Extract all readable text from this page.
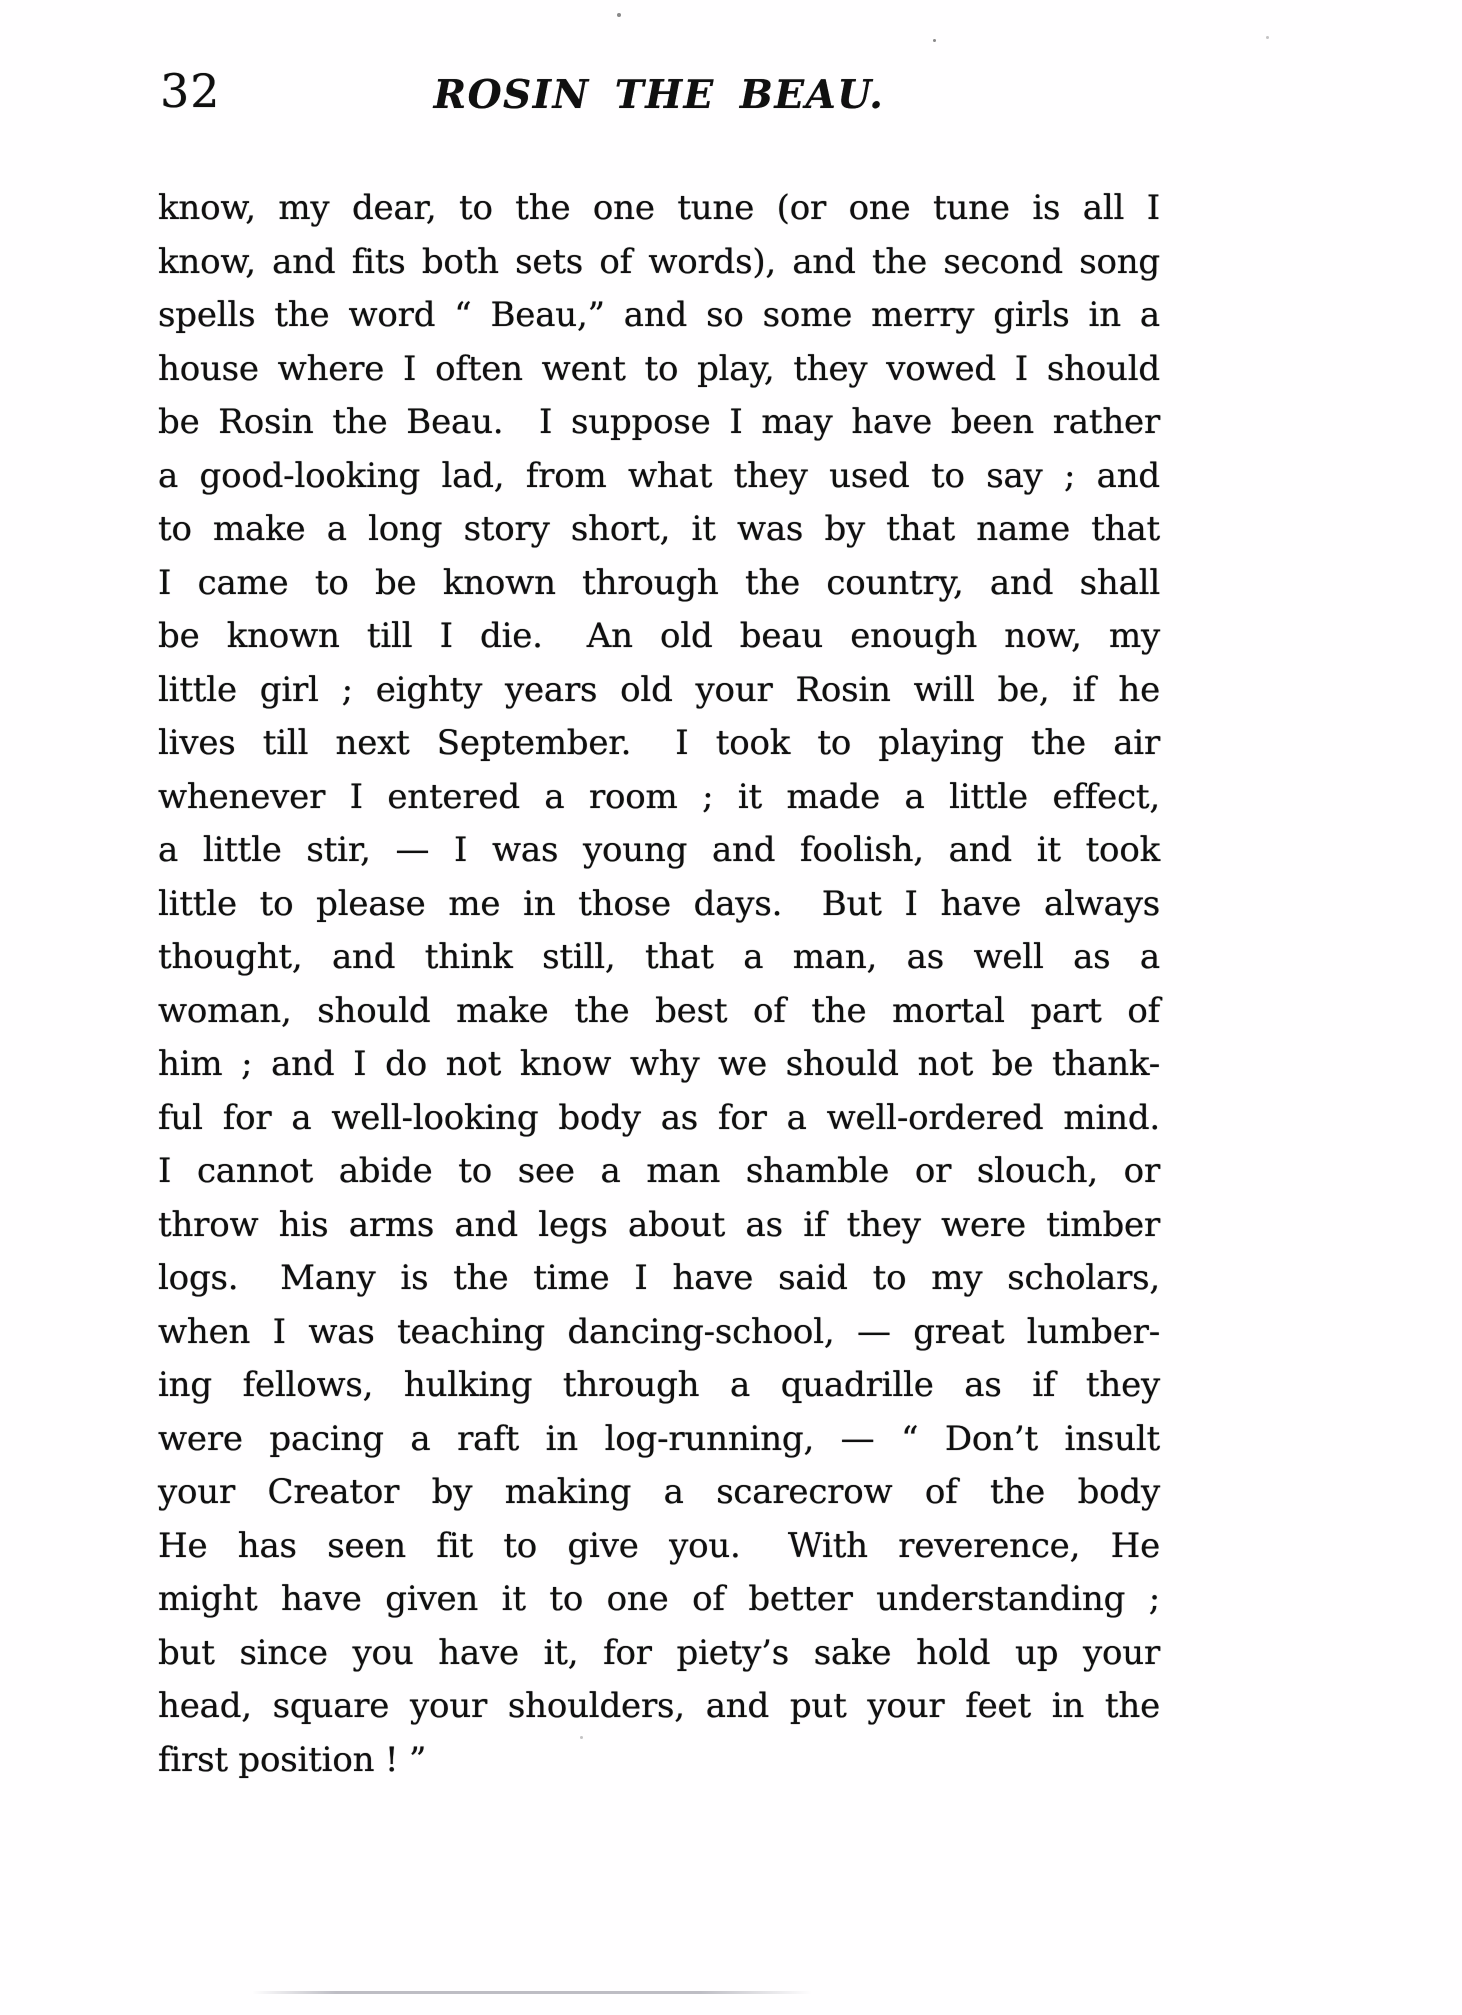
32	ROSIN THE BEAU.
know, my dear, to the one tune (or one tune is all I
know, and fits both sets of words), and the second song
spells the word “ Beau,” and so some merry girls in a
house where I often went to play, they vowed I should
be Rosin the Beau.  I suppose I may have been rather
a good-looking lad, from what they used to say ; and
to make a long story short, it was by that name that
I came to be known through the country, and shall
be known till I die.  An old beau enough now, my
little girl ; eighty years old your Rosin will be, if he
lives till next September.  I took to playing the air
whenever I entered a room ; it made a little effect,
a little stir, — I was young and foolish, and it took
little to please me in those days.  But I have always
thought, and think still, that a man, as well as a
woman, should make the best of the mortal part of
him ; and I do not know why we should not be thank-
ful for a well-looking body as for a well-ordered mind.
I cannot abide to see a man shamble or slouch, or
throw his arms and legs about as if they were timber
logs.  Many is the time I have said to my scholars,
when I was teaching dancing-school, — great lumber-
ing fellows, hulking through a quadrille as if they
were pacing a raft in log-running, — “ Don’t insult
your Creator by making a scarecrow of the body
He has seen fit to give you.  With reverence, He
might have given it to one of better understanding ;
but since you have it, for piety’s sake hold up your
head, square your shoulders, and put your feet in the
first position ! ”
